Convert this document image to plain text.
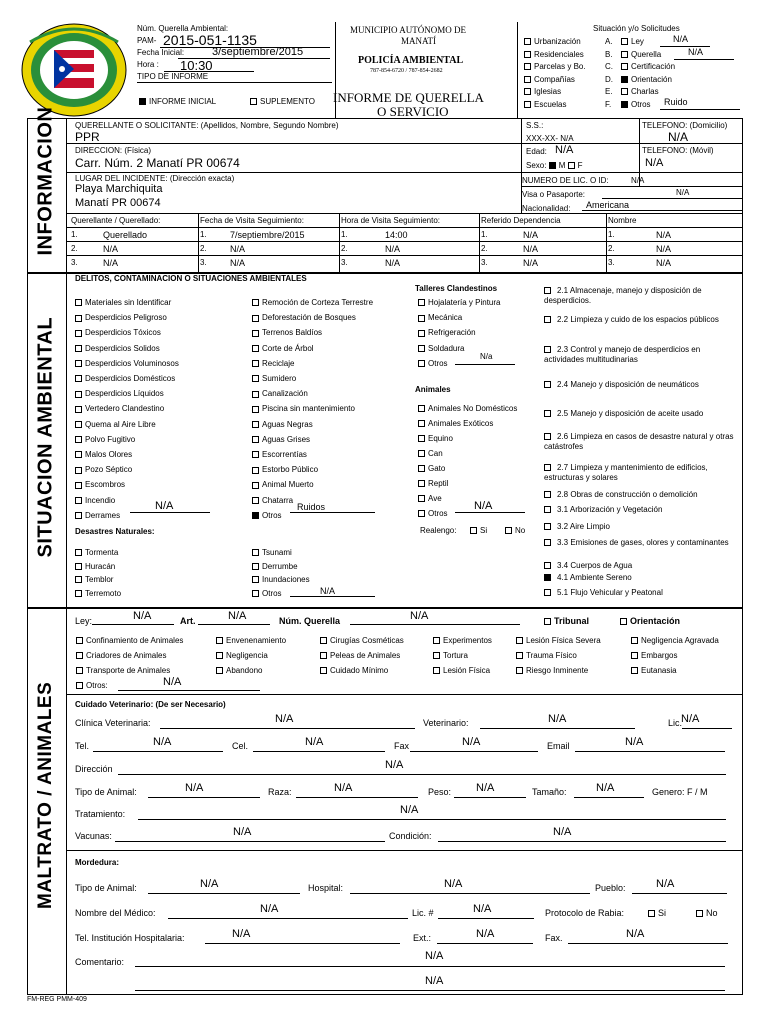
Núm. Querella Ambiental:
PAM- 2015-051-1135
Fecha Inicial:	3/septiembre/2015
Hora : 10:30
TIPO DE INFORME
INFORME INICIAL	SUPLEMENTO
MUNICIPIO AUTÓNOMO DE
MANATÍ
POLICÍA AMBIENTAL
787-854-6720 / 787-854-2682
INFORME DE QUERELLA
O SERVICIO
Situación y/o Solicitudes
Urbanización
Residenciales
Parcelas y Bo.
Compañías
Iglesias
Escuelas
A.	Ley	N/A
B.	Querella	N/A
C.	Certificación
D.	Orientación
E.	Charlas
F.	Otros Ruido
INFORMACION QUERELLANTE O SOLICITANTE: (Apellidos, Nombre, Segundo Nombre)
PPR
S.S.:
XXX-XX- N/A
TELEFONO: (Domicilio)
N/A
DIRECCION: (Física)
Carr. Núm. 2 Manatí PR 00674
Edad: N/A	TELEFONO: (Móvil)
N/A
Sexo: M F
LUGAR DEL INCIDENTE: (Dirección exacta)
Playa Marchiquita
Manatí PR 00674
NUMERO DE LIC. O ID:	N/A
Visa o Pasaporte:	N/A
Nacionalidad: Americana
Querellante / Querellado:	Fecha de Visita Seguimiento:	Hora de Visita Seguimiento:	Referido Dependencia	Nombre
1.	Querellado	1.	7/septiembre/2015	1.	14:00	1.	N/A	1.	N/A
2.	N/A	2.	N/A	2.	N/A	2.	N/A	2.	N/A
3.	N/A	3.	N/A	3.	N/A	3.	N/A	3.	N/A
SITUACION AMBIENTAL
DELITOS, CONTAMINACION O SITUACIONES AMBIENTALES
Materiales sin Identificar
Desperdicios Peligroso
Desperdicios Tóxicos
Desperdicios Solidos
Desperdicios Voluminosos
Desperdicios Domésticos
Desperdicios Líquidos
Vertedero Clandestino
Quema al Aire Libre
Polvo Fugitivo
Malos Olores
Pozo Séptico
Escombros
Incendio
Derrames
N/A
Remoción de Corteza Terrestre
Deforestación de Bosques
Terrenos Baldíos
Corte de Árbol
Reciclaje
Sumidero
Canalización
Piscina sin mantenimiento
Aguas Negras
Aguas Grises
Escorrentías
Estorbo Público
Animal Muerto
Chatarra
Otros
Ruidos
Talleres Clandestinos
Hojalatería y Pintura
Mecánica
Refrigeración
Soldadura
Otros
N/a
Animales
Animales No Domésticos
Animales Exóticos
Equino
Can
Gato
Reptil
Ave
Otros
N/A
Realengo:	Si	No
2.1 Almacenaje, manejo y disposición de desperdicios.
2.2 Limpieza y cuido de los espacios públicos
2.3 Control y manejo de desperdicios en actividades multitudinarias
2.4 Manejo y disposición de neumáticos
2.5 Manejo y disposición de aceite usado
2.6 Limpieza en casos de desastre natural y otras catástrofes
2.7 Limpieza y mantenimiento de edificios, estructuras y solares
2.8 Obras de construcción o demolición
3.1 Arborización y Vegetación
3.2 Aire Limpio
3.3 Emisiones de gases, olores y contaminantes
3.4 Cuerpos de Agua
4.1 Ambiente Sereno
5.1 Flujo Vehicular y Peatonal
Desastres Naturales:
Tormenta
Huracán
Temblor
Terremoto
Tsunami
Derrumbe
Inundaciones
Otros	N/A
MALTRATO / ANIMALES
Ley:	N/A	Art.	N/A	Núm. Querella	N/A	Tribunal	Orientación
Confinamiento de Animales	Envenenamiento	Cirugías Cosméticas	Experimentos	Lesión Física Severa	Negligencia Agravada
Criadores de Animales	Negligencia	Peleas de Animales	Tortura	Trauma Físico	Embargos
Transporte de Animales	Abandono	Cuidado Mínimo	Lesión Física	Riesgo Inminente	Eutanasia
Otros:	N/A
Cuidado Veterinario: (De ser Necesario)
Clínica Veterinaria:	N/A	Veterinario:	N/A	Lic.
N/A
Tel.	N/A	Cel.	N/A	Fax	N/A	Email	N/A
Dirección	N/A
Tipo de Animal:	N/A	Raza:	N/A	Peso: N/A	Tamaño:	N/A	Genero: F / M
Tratamiento:	N/A
Vacunas:	N/A	Condición:	N/A
Mordedura:
Tipo de Animal:	N/A	Hospital:	N/A	Pueblo:	N/A
Nombre del Médico:	N/A	Lic. #	N/A	Protocolo de Rabia:	Si	No
Tel. Institución Hospitalaria:	N/A	Ext.:	N/A	Fax.	N/A
Comentario:	N/A
N/A
FM-REG PMM-409
